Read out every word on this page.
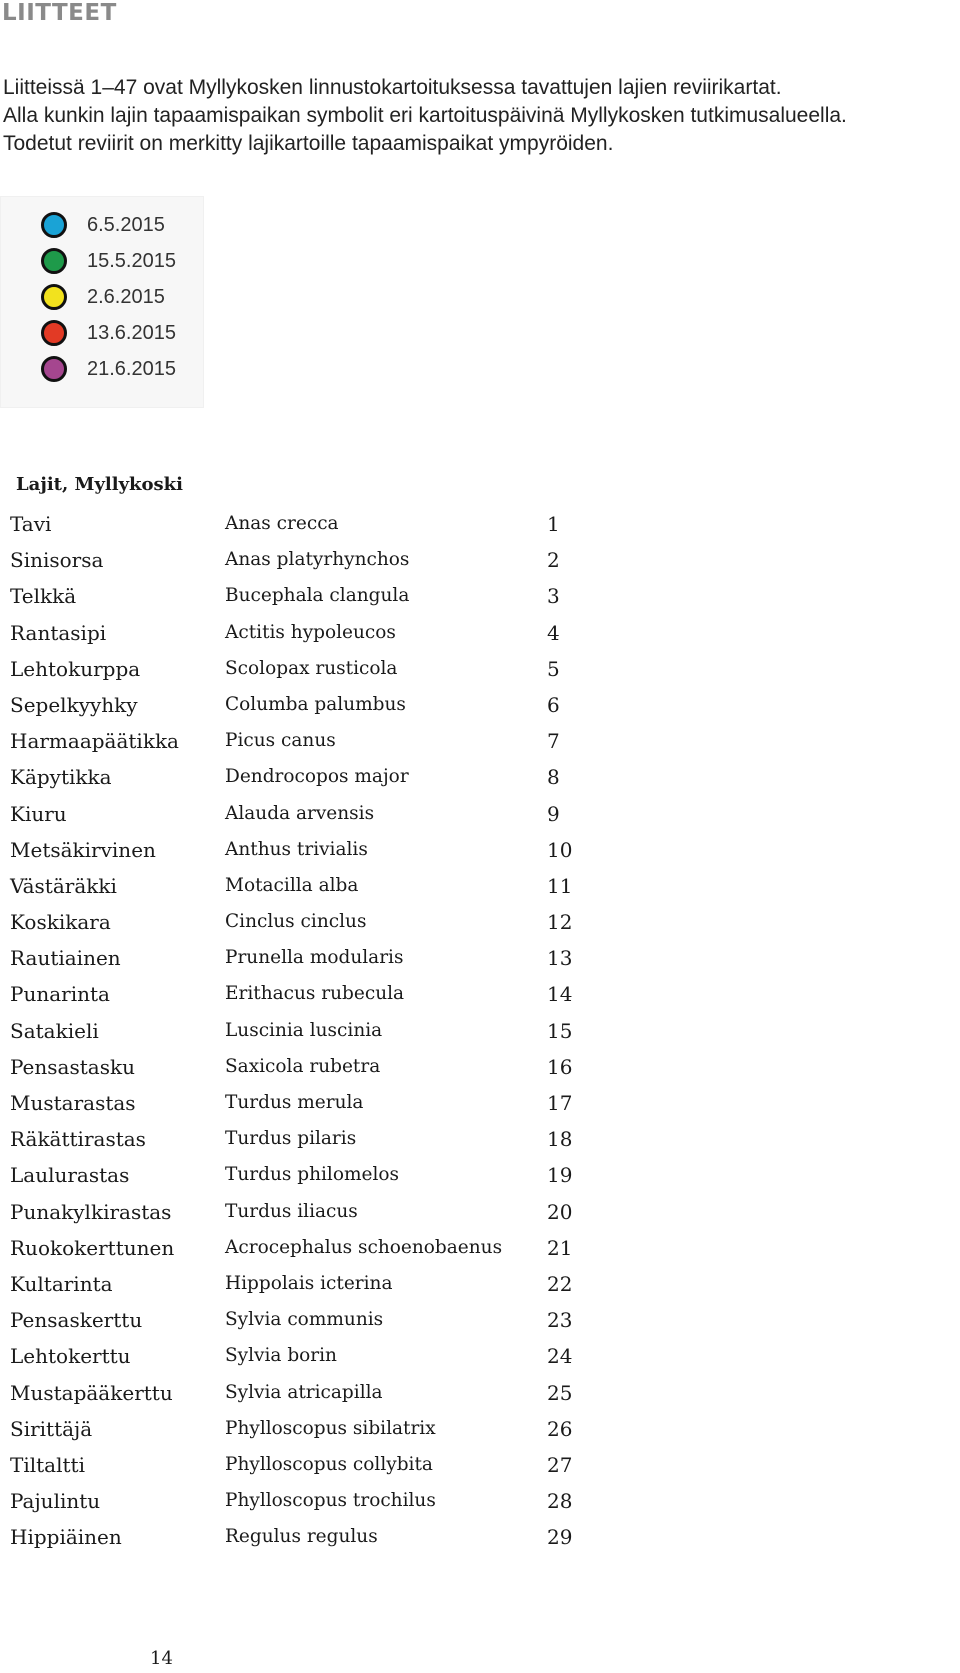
LIITTEET
Liitteissä 1–47 ovat Myllykosken linnustokartoituksessa tavattujen lajien reviirikartat.
Alla kunkin lajin tapaamispaikan symbolit eri kartoituspäivinä Myllykosken tutkimusalueella.
Todetut reviirit on merkitty lajikartoille tapaamispaikat ympyröiden.
6.5.2015
15.5.2015
2.6.2015
13.6.2015
21.6.2015
Lajit, Myllykoski
Tavi	Anas crecca	1
Sinisorsa	Anas platyrhynchos	2
Telkkä	Bucephala clangula	3
Rantasipi	Actitis hypoleucos	4
Lehtokurppa	Scolopax rusticola	5
Sepelkyyhky	Columba palumbus	6
Harmaapäätikka Picus canus	7
Käpytikka	Dendrocopos major	8
Kiuru	Alauda arvensis	9
Metsäkirvinen	Anthus trivialis	10
Västäräkki	Motacilla alba	11
Koskikara	Cinclus cinclus	12
Rautiainen	Prunella modularis	13
Punarinta	Erithacus rubecula	14
Satakieli	Luscinia luscinia	15
Pensastasku	Saxicola rubetra	16
Mustarastas	Turdus merula	17
Räkättirastas	Turdus pilaris	18
Laulurastas	Turdus philomelos	19
Punakylkirastas	Turdus iliacus	20
Ruokokerttunen	Acrocephalus schoenobaenus 21
Kultarinta	Hippolais icterina	22
Pensaskerttu	Sylvia communis	23
Lehtokerttu	Sylvia borin	24
Mustapääkerttu	Sylvia atricapilla	25
Sirittäjä	Phylloscopus sibilatrix	26
Tiltaltti	Phylloscopus collybita	27
Pajulintu	Phylloscopus trochilus	28
Hippiäinen	Regulus regulus	29
14
